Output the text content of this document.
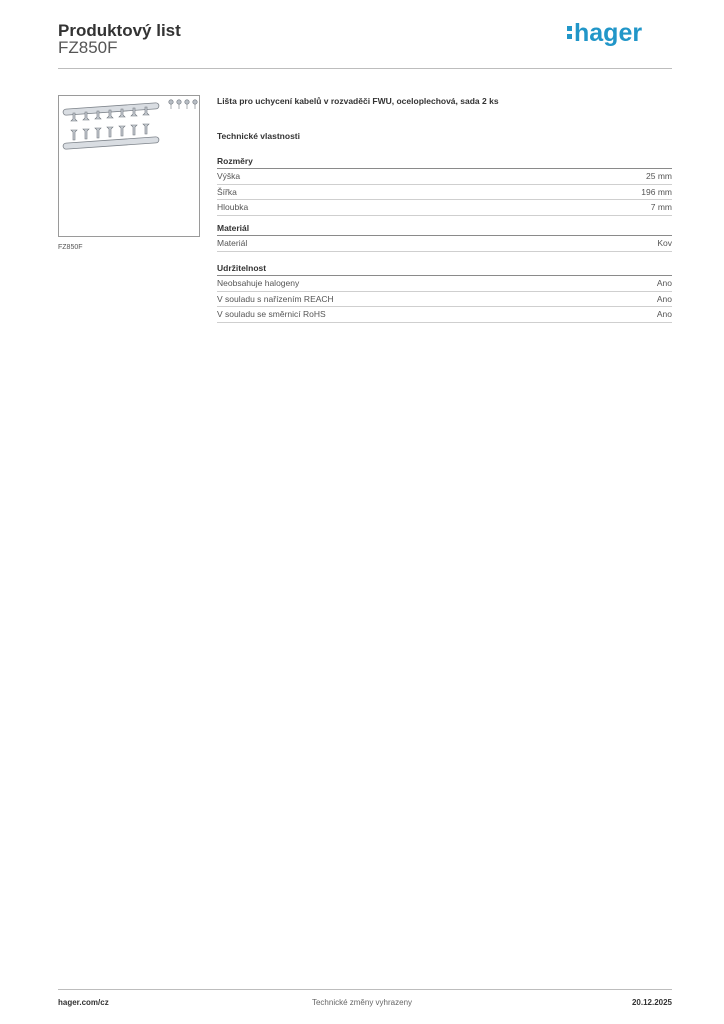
Produktový list
FZ850F
hager
FZ850F
Lišta pro uchycení kabelů v rozvaděči FWU, oceloplechová, sada 2 ks
Technické vlastnosti
Rozměry
Výška	25 mm
Šířka	196 mm
Hloubka	7 mm
Materiál
Materiál	Kov
Udržitelnost
Neobsahuje halogeny	Ano
V souladu s nařízením REACH	Ano
V souladu se směrnicí RoHS	Ano
hager.com/cz	Technické změny vyhrazeny	20.12.2025
